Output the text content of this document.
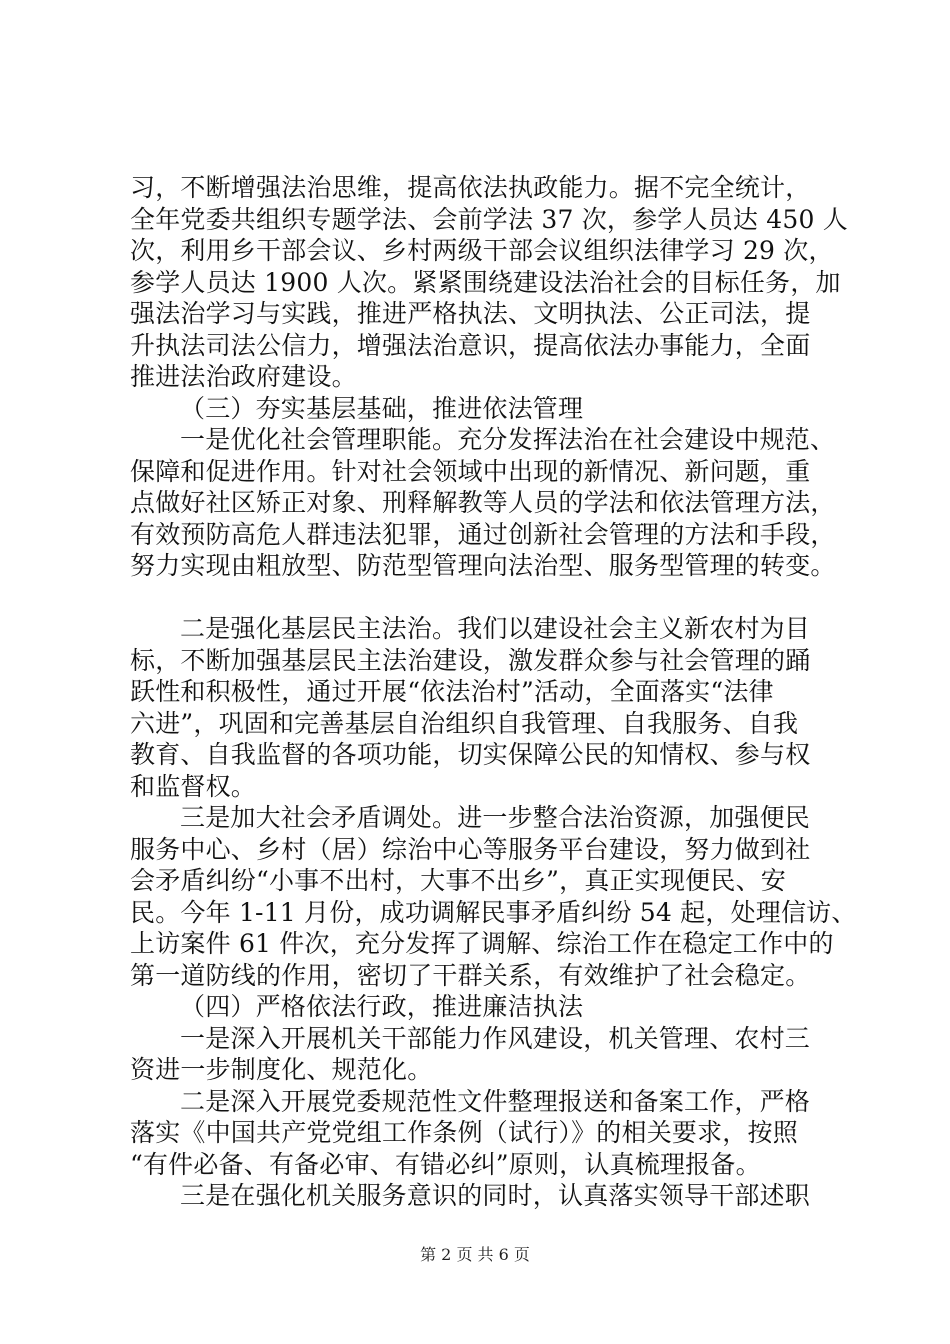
习，不断增强法治思维，提高依法执政能力。据不完全统计，
全年党委共组织专题学法、会前学法 37 次，参学人员达 450 人
次，利用乡干部会议、乡村两级干部会议组织法律学习 29 次，
参学人员达 1900 人次。紧紧围绕建设法治社会的目标任务，加
强法治学习与实践，推进严格执法、文明执法、公正司法，提
升执法司法公信力，增强法治意识，提高依法办事能力，全面
推进法治政府建设。
（三）夯实基层基础，推进依法管理
一是优化社会管理职能。充分发挥法治在社会建设中规范、
保障和促进作用。针对社会领域中出现的新情况、新问题，重
点做好社区矫正对象、刑释解教等人员的学法和依法管理方法，
有效预防高危人群违法犯罪，通过创新社会管理的方法和手段，
努力实现由粗放型、防范型管理向法治型、服务型管理的转变。
二是强化基层民主法治。我们以建设社会主义新农村为目
标，不断加强基层民主法治建设，激发群众参与社会管理的踊
跃性和积极性，通过开展“依法治村”活动，全面落实“法律
六进”，巩固和完善基层自治组织自我管理、自我服务、自我
教育、自我监督的各项功能，切实保障公民的知情权、参与权
和监督权。
三是加大社会矛盾调处。进一步整合法治资源，加强便民
服务中心、乡村（居）综治中心等服务平台建设，努力做到社
会矛盾纠纷“小事不出村，大事不出乡”，真正实现便民、安
民。今年 1-11 月份，成功调解民事矛盾纠纷 54 起，处理信访、
上访案件 61 件次，充分发挥了调解、综治工作在稳定工作中的
第一道防线的作用，密切了干群关系，有效维护了社会稳定。
（四）严格依法行政，推进廉洁执法
一是深入开展机关干部能力作风建设，机关管理、农村三
资进一步制度化、规范化。
二是深入开展党委规范性文件整理报送和备案工作，严格
落实《中国共产党党组工作条例（试行）》的相关要求，按照
“有件必备、有备必审、有错必纠”原则，认真梳理报备。
三是在强化机关服务意识的同时，认真落实领导干部述职
第 2 页 共 6 页
